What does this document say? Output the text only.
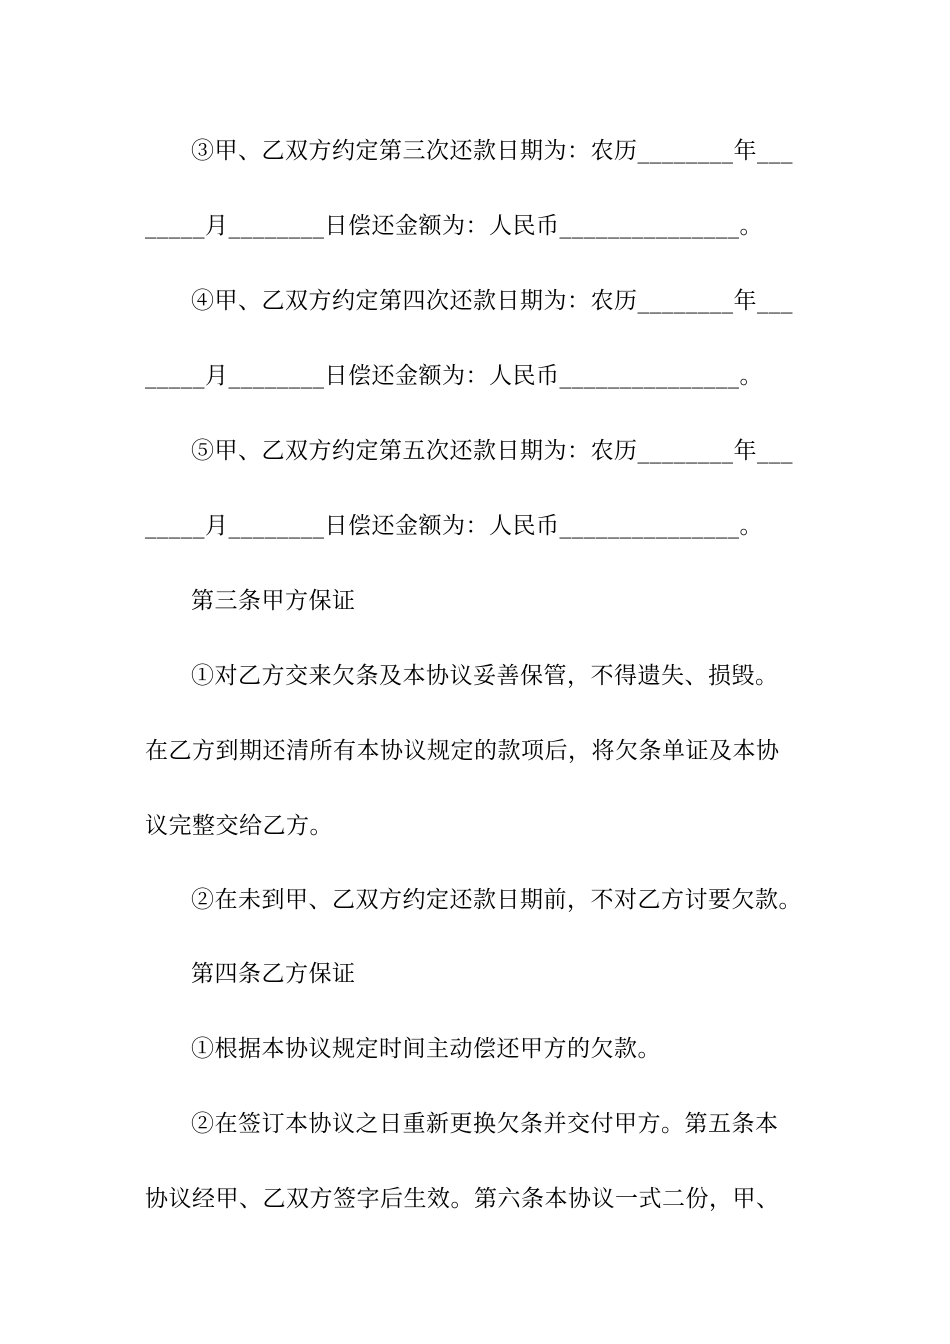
③甲、乙双方约定第三次还款日期为：农历________年___
_____月________日偿还金额为：人民币_______________。
④甲、乙双方约定第四次还款日期为：农历________年___
_____月________日偿还金额为：人民币_______________。
⑤甲、乙双方约定第五次还款日期为：农历________年___
_____月________日偿还金额为：人民币_______________。
第三条甲方保证
①对乙方交来欠条及本协议妥善保管，不得遗失、损毁。
在乙方到期还清所有本协议规定的款项后，将欠条单证及本协
议完整交给乙方。
②在未到甲、乙双方约定还款日期前，不对乙方讨要欠款。
第四条乙方保证
①根据本协议规定时间主动偿还甲方的欠款。
②在签订本协议之日重新更换欠条并交付甲方。第五条本
协议经甲、乙双方签字后生效。第六条本协议一式二份，甲、
